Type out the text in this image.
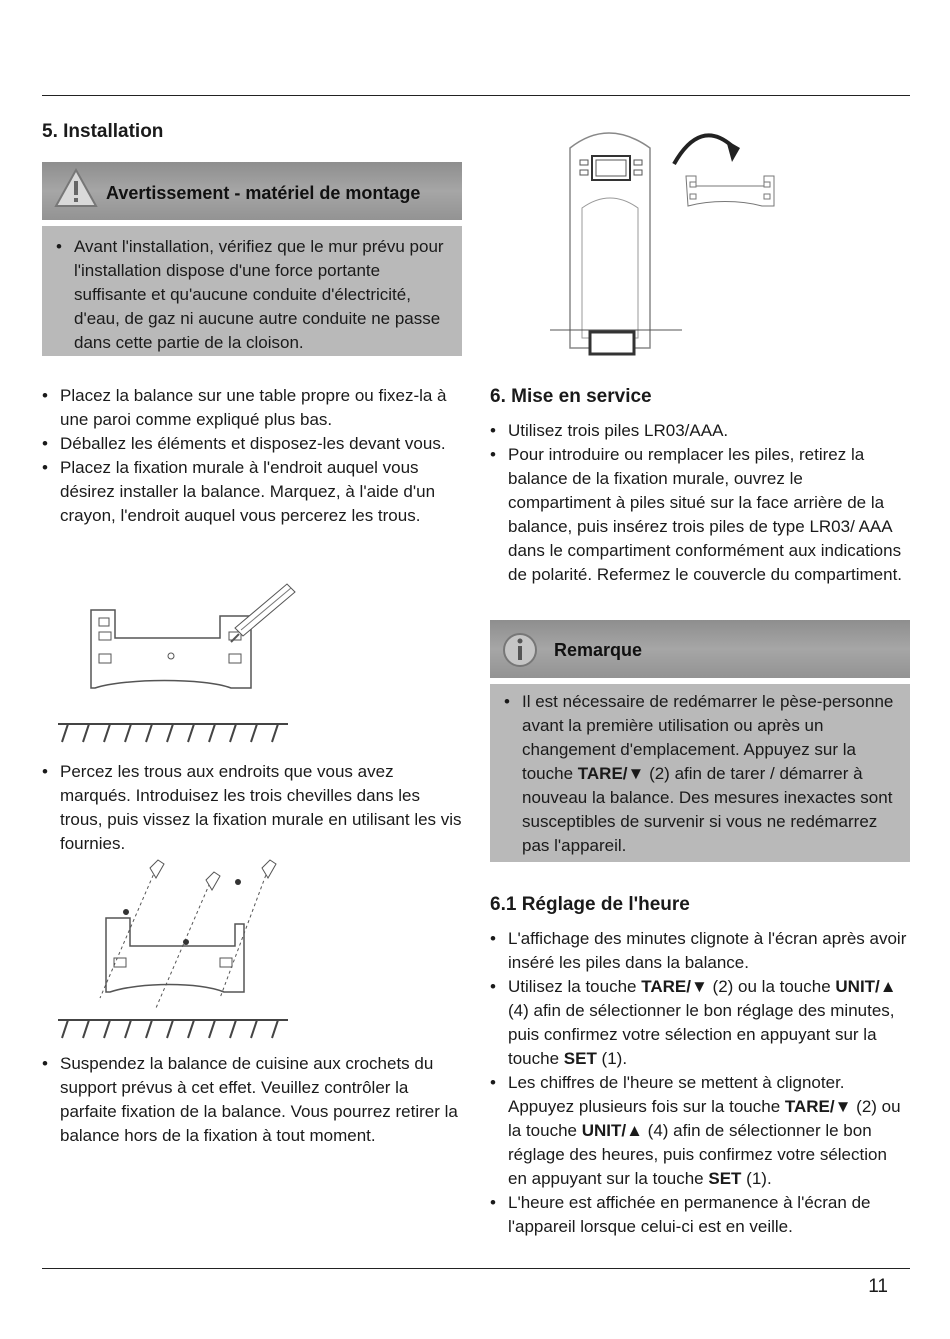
5. Installation
Avertissement - matériel de montage
• Avant l'installation, vérifiez que le mur prévu pour l'installation dispose d'une force portante suffisante et qu'aucune conduite d'électricité, d'eau, de gaz ni aucune autre conduite ne passe dans cette partie de la cloison.
• Placez la balance sur une table propre ou fixez-la à une paroi comme expliqué plus bas.
• Déballez les éléments et disposez-les devant vous.
• Placez la fixation murale à l'endroit auquel vous désirez installer la balance. Marquez, à l'aide d'un crayon, l'endroit auquel vous percerez les trous.
• Percez les trous aux endroits que vous avez marqués. Introduisez les trois chevilles dans les trous, puis vissez la fixation murale en utilisant les vis fournies.
• Suspendez la balance de cuisine aux crochets du support prévus à cet effet. Veuillez contrôler la parfaite fixation de la balance. Vous pourrez retirer la balance hors de la fixation à tout moment.
6. Mise en service
• Utilisez trois piles LR03/AAA.
• Pour introduire ou remplacer les piles, retirez la balance de la fixation murale, ouvrez le compartiment à piles situé sur la face arrière de la balance, puis insérez trois piles de type LR03/ AAA dans le compartiment conformément aux indications de polarité. Refermez le couvercle du compartiment.
Remarque
• Il est nécessaire de redémarrer le pèse-personne avant la première utilisation ou après un changement d'emplacement. Appuyez sur la touche TARE/▼ (2) afin de tarer / démarrer à nouveau la balance. Des mesures inexactes sont susceptibles de survenir si vous ne redémarrez pas l'appareil.
6.1 Réglage de l'heure
• L'affichage des minutes clignote à l'écran après avoir inséré les piles dans la balance.
• Utilisez la touche TARE/▼ (2) ou la touche UNIT/▲ (4) afin de sélectionner le bon réglage des minutes, puis confirmez votre sélection en appuyant sur la touche SET (1).
• Les chiffres de l'heure se mettent à clignoter. Appuyez plusieurs fois sur la touche TARE/▼ (2) ou la touche UNIT/▲ (4) afin de sélectionner le bon réglage des heures, puis confirmez votre sélection en appuyant sur la touche SET (1).
• L'heure est affichée en permanence à l'écran de l'appareil lorsque celui-ci est en veille.
11
